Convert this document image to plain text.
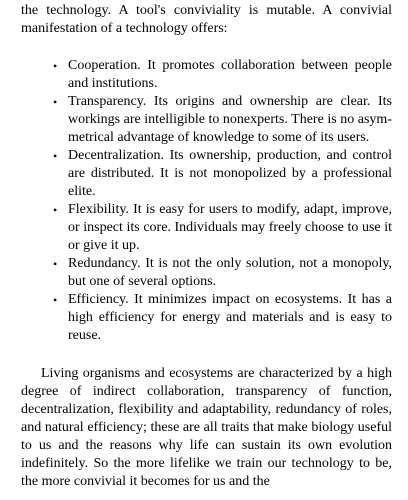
the technology. A tool's conviviality is mutable. A convivial manifestation of a technology offers:

• Cooperation. It promotes collaboration between people and institutions.
• Transparency. Its origins and ownership are clear. Its workings are intelligible to nonexperts. There is no asymmetrical advantage of knowledge to some of its users.
• Decentralization. Its ownership, production, and control are distributed. It is not monopolized by a professional elite.
• Flexibility. It is easy for users to modify, adapt, improve, or inspect its core. Individuals may freely choose to use it or give it up.
• Redundancy. It is not the only solution, not a monopoly, but one of several options.
• Efficiency. It minimizes impact on ecosystems. It has a high efficiency for energy and materials and is easy to reuse.

Living organisms and ecosystems are characterized by a high degree of indirect collaboration, transparency of function, decentralization, flexibility and adaptability, redundancy of roles, and natural efficiency; these are all traits that make biology useful to us and the reasons why life can sustain its own evolution indefinitely. So the more lifelike we train our technology to be, the more convivial it becomes for us and the
